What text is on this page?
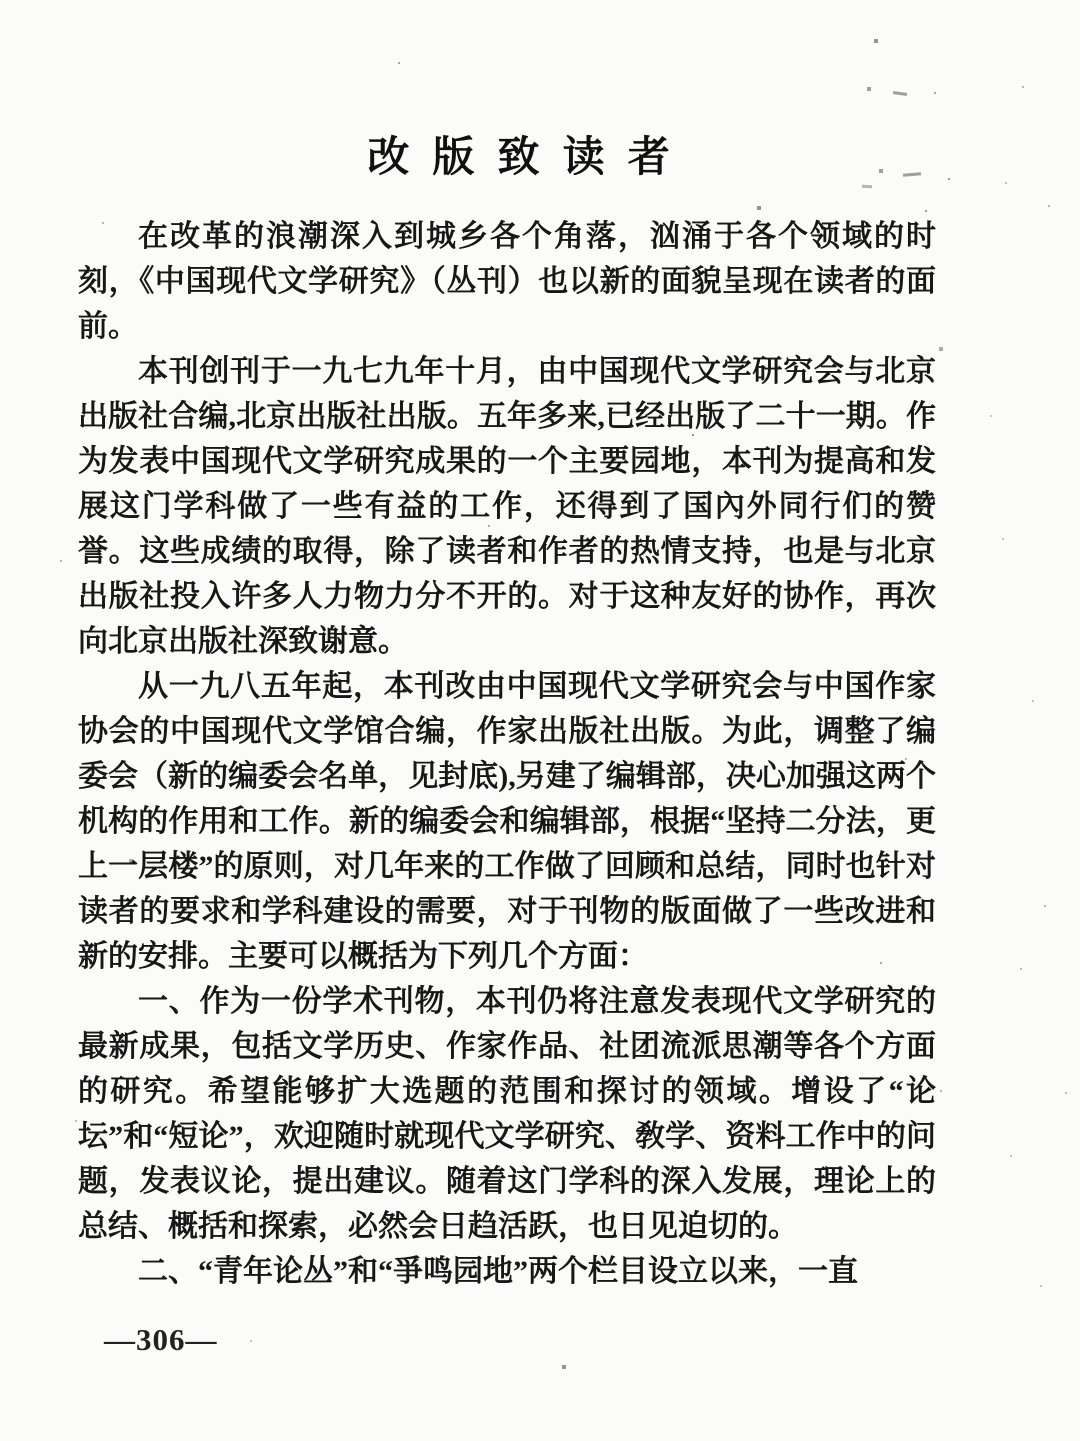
改版致读者

在改革的浪潮深入到城乡各个角落，汹涌于各个领域的时刻，《中国现代文学研究》（丛刊）也以新的面貌呈现在读者的面前。

本刊创刊于一九七九年十月，由中国现代文学研究会与北京出版社合编,北京出版社出版。五年多来,已经出版了二十一期。作为发表中国现代文学研究成果的一个主要园地，本刊为提高和发展这门学科做了一些有益的工作，还得到了国內外同行们的赞誉。这些成绩的取得，除了读者和作者的热情支持，也是与北京出版社投入许多人力物力分不开的。对于这种友好的协作，再次向北京出版社深致谢意。

从一九八五年起，本刊改由中国现代文学研究会与中国作家协会的中国现代文学馆合编，作家出版社出版。为此，调整了编委会（新的编委会名单，见封底),另建了编辑部，决心加强这两个机构的作用和工作。新的编委会和编辑部，根据“坚持二分法，更上一层楼”的原则，对几年来的工作做了回顾和总结，同时也针对读者的要求和学科建设的需要，对于刊物的版面做了一些改进和新的安排。主要可以概括为下列几个方面：

一、作为一份学术刊物，本刊仍将注意发表现代文学研究的最新成果，包括文学历史、作家作品、社团流派思潮等各个方面的研究。希望能够扩大选题的范围和探讨的领域。增设了“论坛”和“短论”，欢迎随时就现代文学研究、敎学、资料工作中的问题，发表议论，提出建议。随着这门学科的深入发展，理论上的总结、概括和探索，必然会日趋活跃，也日见迫切的。

二、“青年论丛”和“爭鸣园地”两个栏目设立以来，一直

—306—
